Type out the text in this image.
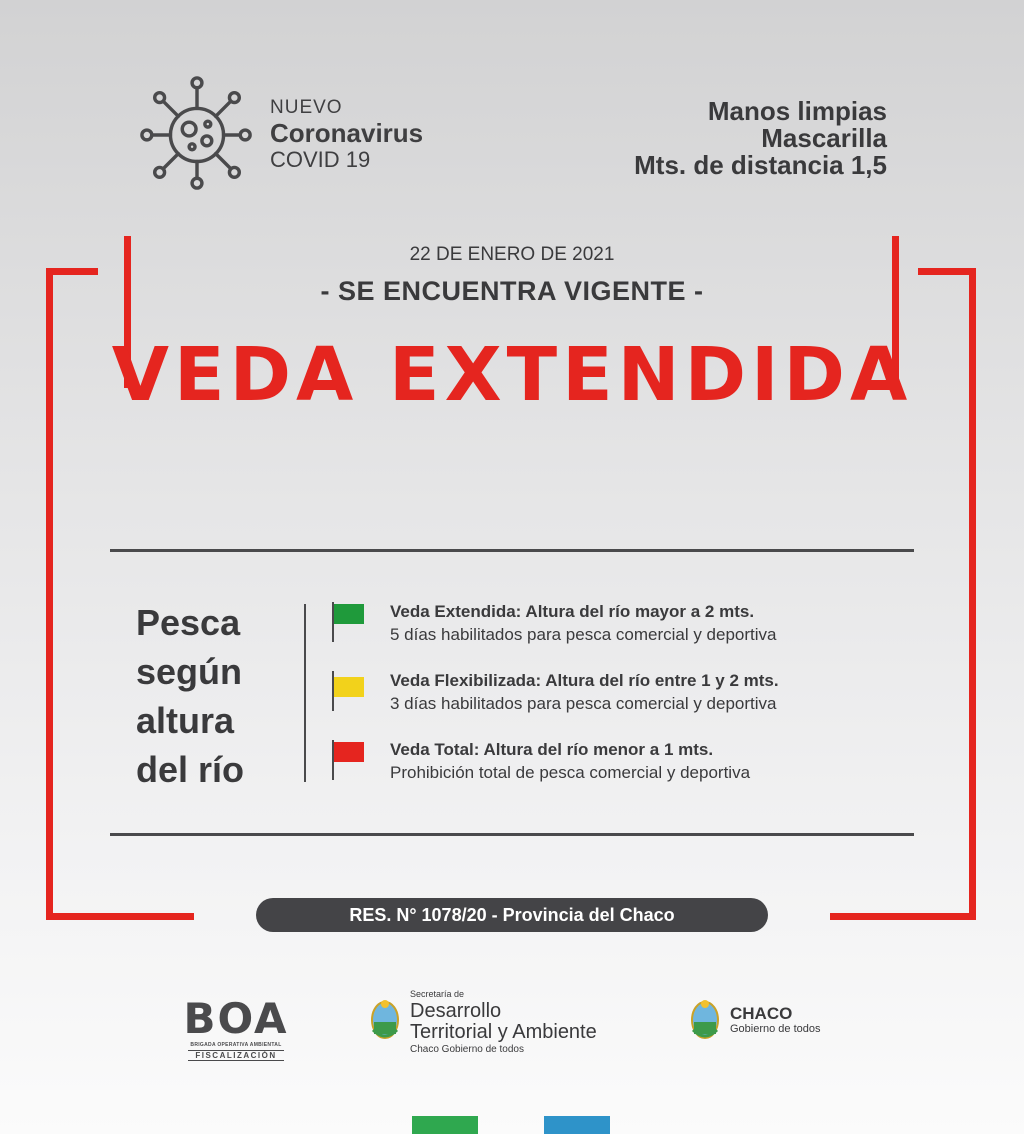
NUEVO
Coronavirus
COVID 19
Manos limpias
Mascarilla
Mts. de distancia 1,5
22 DE ENERO DE 2021
- SE ENCUENTRA VIGENTE -
VEDA EXTENDIDA
Pesca
según
altura
del río
Veda Extendida: Altura del río mayor a 2 mts.
5 días habilitados para pesca comercial y deportiva
Veda Flexibilizada: Altura del río entre 1 y 2 mts.
3 días habilitados para pesca comercial y deportiva
Veda Total: Altura del río menor a 1 mts.
Prohibición total de pesca comercial y deportiva
RES. N° 1078/20 - Provincia del Chaco
BOA
BRIGADA OPERATIVA AMBIENTAL
FISCALIZACIÓN
Secretaría de
Desarrollo
Territorial y Ambiente
Chaco Gobierno de todos
CHACO
Gobierno de todos
